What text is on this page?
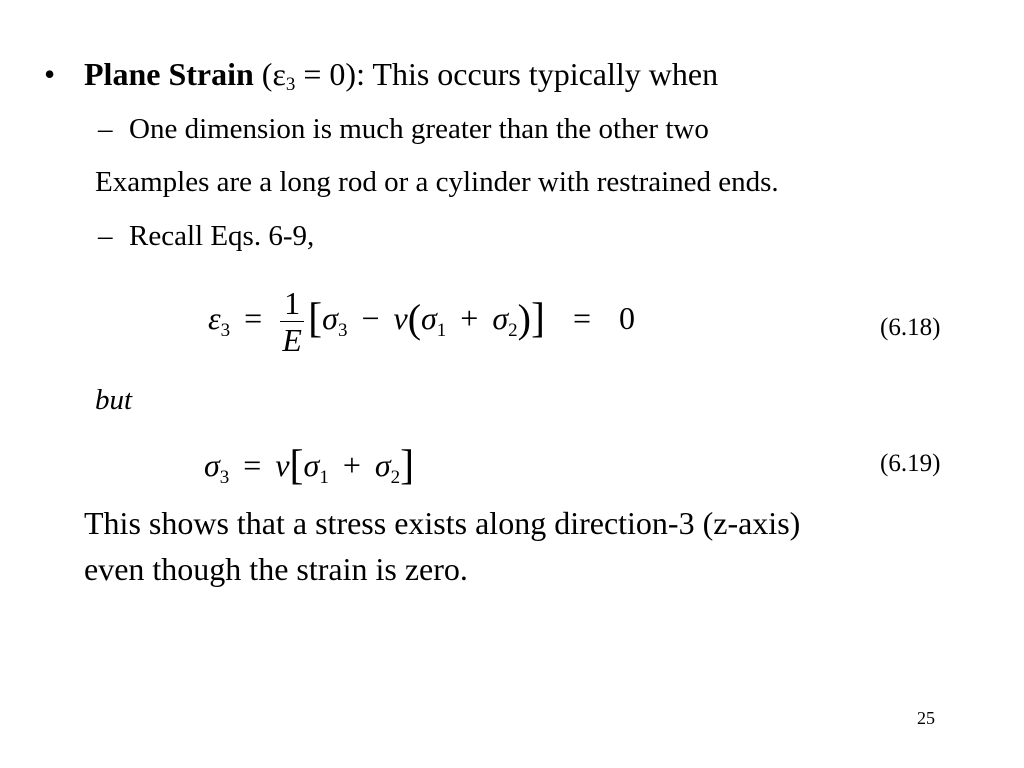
• Plane Strain (ε3 = 0): This occurs typically when
– One dimension is much greater than the other two
Examples are a long rod or a cylinder with restrained ends.
– Recall Eqs. 6-9,
$\varepsilon_3 = \frac{1}{E} [\sigma_3 - \nu(\sigma_1 + \sigma_2)] = 0$	(6.18)
but
$\sigma_3 = \nu[\sigma_1 + \sigma_2]$	(6.19)
This shows that a stress exists along direction-3 (z-axis)
even though the strain is zero.
25
